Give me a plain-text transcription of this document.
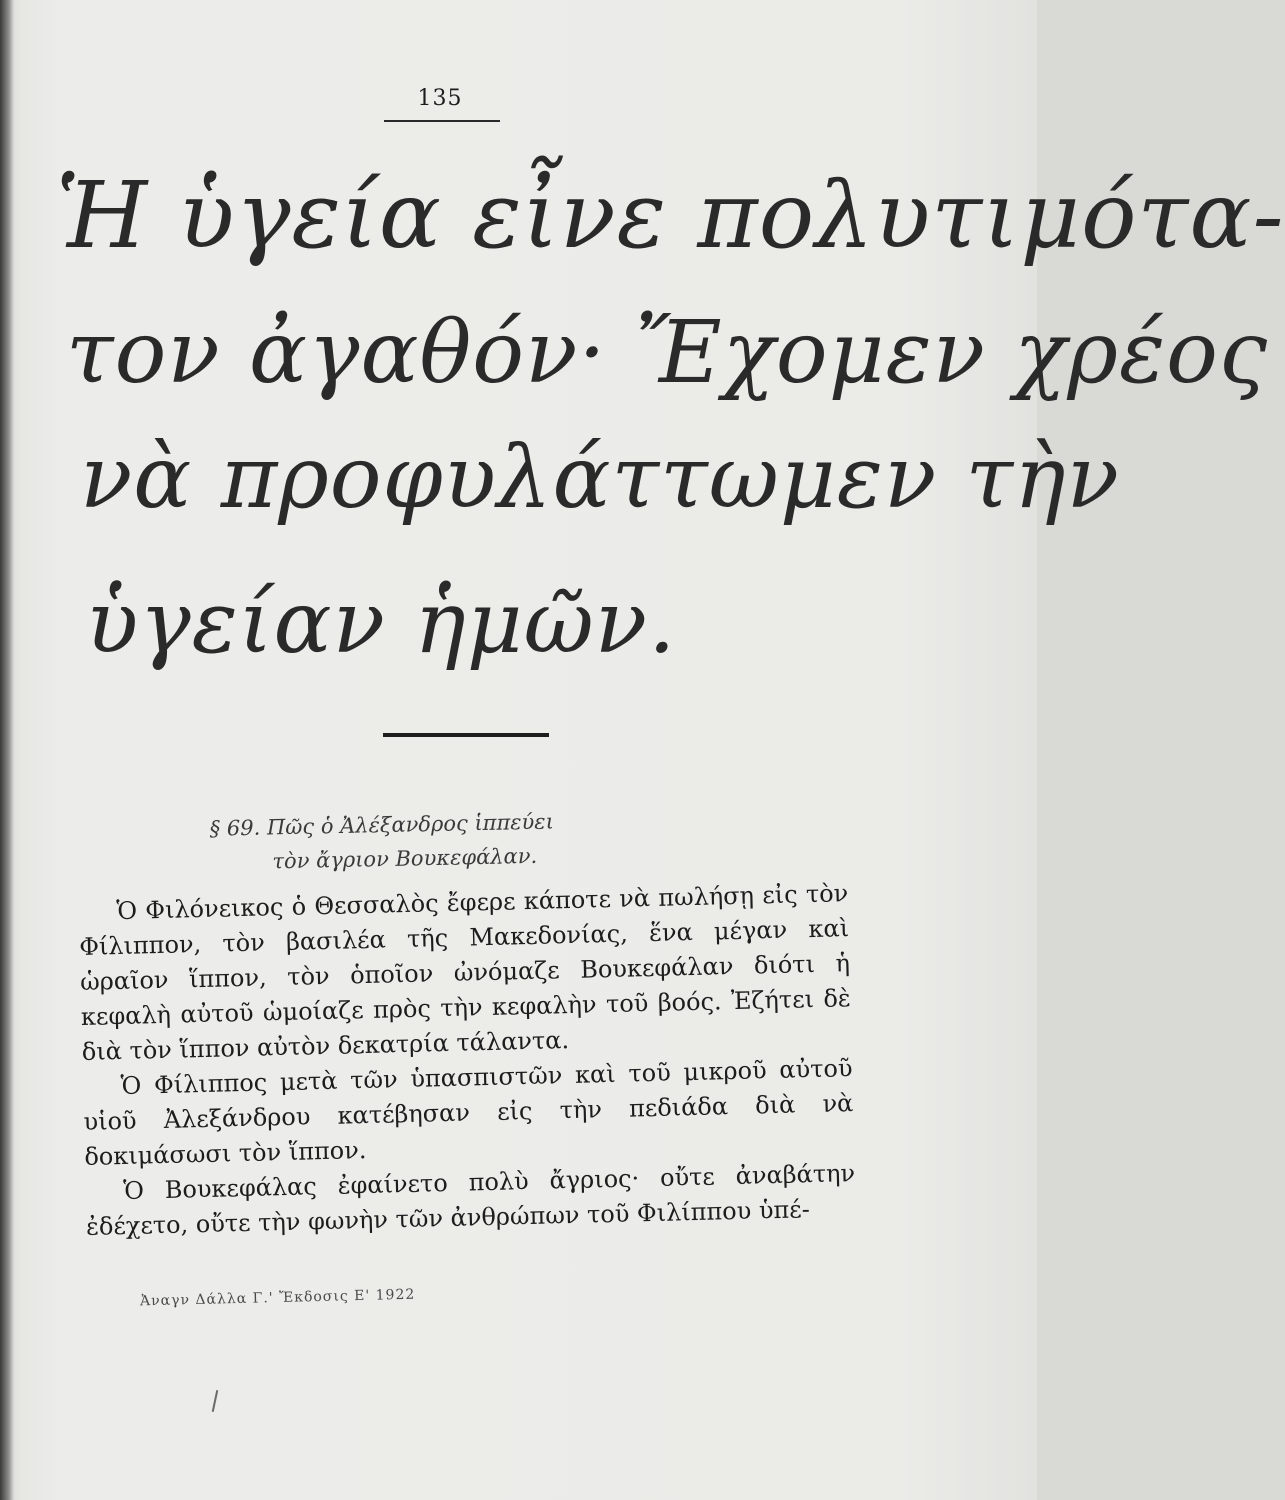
135
Ἡ ὑγεία εἶνε πολυτιμότα-
τον ἀγαθόν· Ἔχομεν χρέος
νὰ προφυλάττωμεν τὴν
ὑγείαν ἡμῶν.
§ 69. Πῶς ὁ Ἀλέξανδρος ἱππεύει
τὸν ἄγριον Βουκεφάλαν.

Ὁ Φιλόνεικος ὁ Θεσσαλὸς ἔφερε κάποτε νὰ πωλήσῃ εἰς τὸν Φίλιππον, τὸν βασιλέα τῆς Μακεδονίας, ἕνα μέγαν καὶ ὡραῖον ἵππον, τὸν ὁποῖον ὠνόμαζε Βουκεφάλαν διότι ἡ κεφαλὴ αὐτοῦ ὡμοίαζε πρὸς τὴν κεφαλὴν τοῦ βοός. Ἐζήτει δὲ διὰ τὸν ἵππον αὐτὸν δεκατρία τάλαντα.

Ὁ Φίλιππος μετὰ τῶν ὑπασπιστῶν καὶ τοῦ μικροῦ αὐτοῦ υἱοῦ Ἀλεξάνδρου κατέβησαν εἰς τὴν πεδιάδα διὰ νὰ δοκιμάσωσι τὸν ἵππον.

Ὁ Βουκεφάλας ἐφαίνετο πολὺ ἄγριος· οὔτε ἀναβάτην ἐδέχετο, οὔτε τὴν φωνὴν τῶν ἀνθρώπων τοῦ Φιλίππου ὑπέ-

Ἀναγν Δάλλα Γ.' Ἔκδοσις Ε' 1922
